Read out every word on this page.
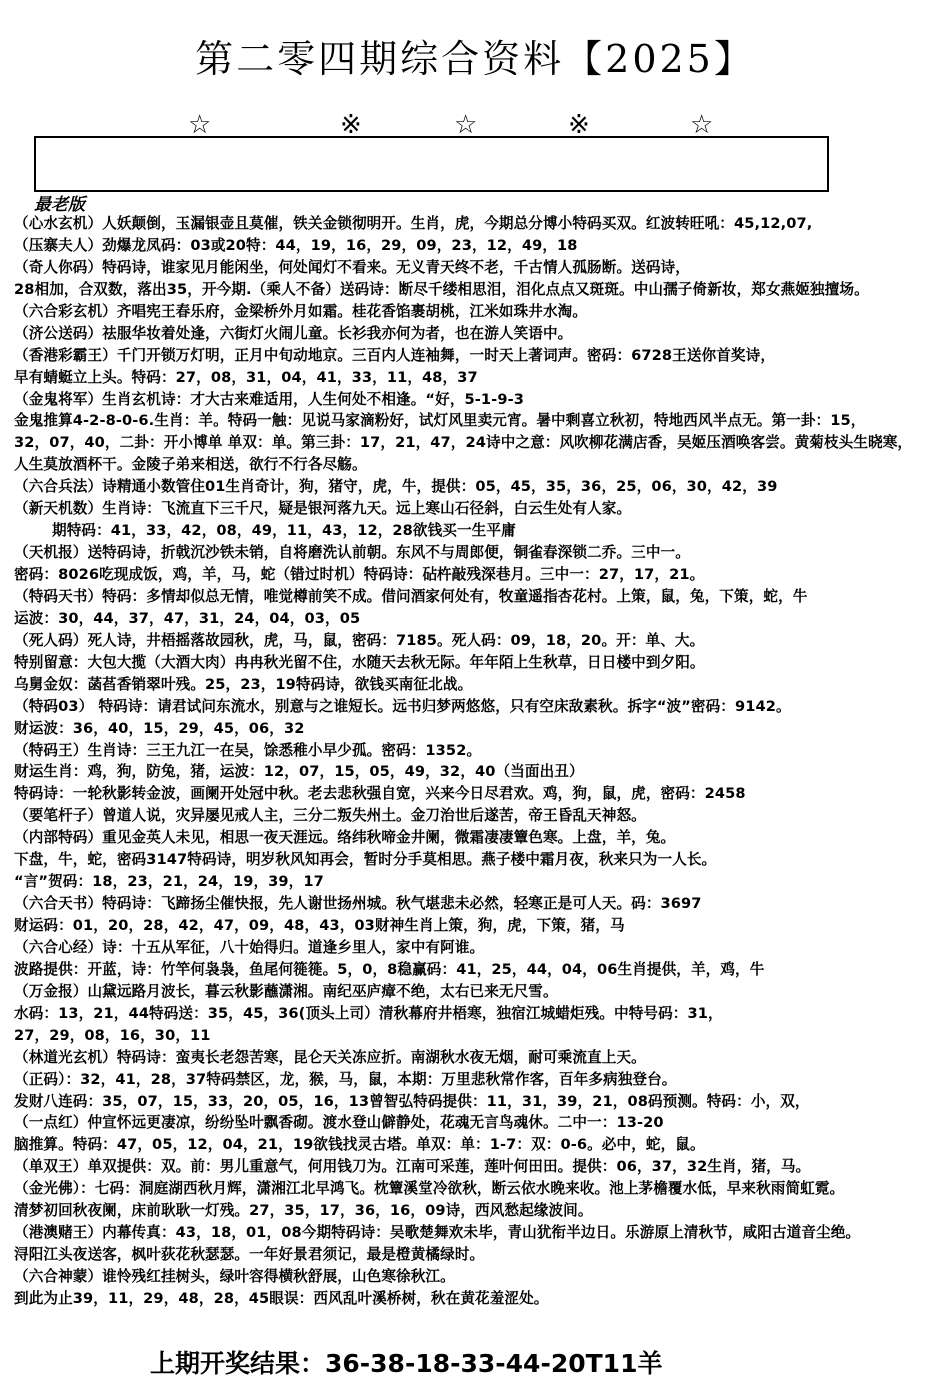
第二零四期综合资料【2025】
☆	※	☆	※	☆
最老版
（心水玄机）人妖颠倒，玉漏银壶且莫催，铁关金锁彻明开。生肖，虎，今期总分博小特码买双。红波转旺吼：45,12,07,
（压寨夫人）劲爆龙凤码：03或20特：44，19，16，29，09，23，12，49，18
（奇人你码）特码诗，谁家见月能闲坐，何处闻灯不看来。无义青天终不老，千古情人孤肠断。送码诗，
28相加，合双数，落出35，开今期.（乘人不备）送码诗：断尽千缕相思泪，泪化点点又斑斑。中山孺子倚新妆，郑女燕姬独擅场。
（六合彩玄机）齐唱宪王春乐府，金梁桥外月如霜。桂花香馅裹胡桃，江米如珠井水淘。
（济公送码）祛服华妆着处逢，六街灯火闹儿童。长衫我亦何为者，也在游人笑语中。
（香港彩霸王）千门开锁万灯明，正月中旬动地京。三百内人连袖舞，一时天上著词声。密码：6728王送你首奖诗，
早有蜻蜓立上头。特码：27，08，31，04，41，33，11，48，37
（金鬼将军）生肖玄机诗：才大古来难适用，人生何处不相逢。“好，5-1-9-3
金鬼推算4-2-8-0-6.生肖：羊。特码一触：见说马家滴粉好，试灯风里卖元宵。暑中剩喜立秋初，特地西风半点无。第一卦：15，
32，07，40，二卦：开小博单 单双：单。第三卦：17，21，47，24诗中之意：风吹柳花满店香，吴姬压酒唤客尝。黄菊枝头生晓寒，
人生莫放酒杯干。金陵子弟来相送，欲行不行各尽觞。
（六合兵法）诗精通小数管住01生肖奇计，狗，猪守，虎，牛，提供：05，45，35，36，25，06，30，42，39
（新天机数）生肖诗：飞流直下三千尺，疑是银河落九天。远上寒山石径斜，白云生处有人家。
期特码：41，33，42，08，49，11，43，12，28欲钱买一生平庸
（天机报）送特码诗，折戟沉沙铁未销，自将磨洗认前朝。东风不与周郎便，铜雀春深锁二乔。三中一。
密码：8026吃现成饭，鸡，羊，马，蛇（错过时机）特码诗：砧杵敲残深巷月。三中一：27，17，21。
（特码天书）特码：多情却似总无情，唯觉樽前笑不成。借问酒家何处有，牧童遥指杏花村。上策，鼠，兔，下策，蛇，牛
运波：30，44，37，47，31，24，04，03，05
（死人码）死人诗，井梧摇落故园秋，虎，马，鼠，密码：7185。死人码：09，18，20。开：单、大。
特别留意：大包大揽（大酒大肉）冉冉秋光留不住，水随天去秋无际。年年陌上生秋草，日日楼中到夕阳。
乌舅金奴：菡萏香销翠叶残。25，23，19特码诗，欲钱买南征北战。
（特码03） 特码诗：请君试问东流水，别意与之谁短长。远书归梦两悠悠，只有空床敌素秋。拆字“波”密码：9142。
财运波：36，40，15，29，45，06，32
（特码王）生肖诗：三王九江一在吴，馀悉稚小早少孤。密码：1352。
财运生肖：鸡，狗，防兔，猪，运波：12，07，15，05，49，32，40（当面出丑）
特码诗：一轮秋影转金波，画阑开处冠中秋。老去悲秋强自宽，兴来今日尽君欢。鸡，狗，鼠，虎，密码：2458
（要笔杆子）曾道人说，灾异屡见戒人主，三分二叛失州土。金刀治世后遂苦，帝王昏乱天神怒。
（内部特码）重见金英人未见，相思一夜天涯远。络纬秋啼金井阑，微霜凄凄簟色寒。上盘，羊，兔。
下盘，牛，蛇，密码3147特码诗，明岁秋风知再会，暂时分手莫相思。燕子楼中霜月夜，秋来只为一人长。
“言”贺码：18，23，21，24，19，39，17
（六合天书）特码诗：飞蹄扬尘催快报，先人谢世扬州城。秋气堪悲未必然，轻寒正是可人天。码：3697
财运码：01，20，28，42，47，09，48，43，03财神生肖上策，狗，虎，下策，猪，马
（六合心经）诗：十五从军征，八十始得归。道逢乡里人，家中有阿谁。
波路提供：开蓝，诗：竹竿何袅袅，鱼尾何簁簁。5，0，8稳赢码：41，25，44，04，06生肖提供，羊，鸡，牛
（万金报）山黛远路月波长，暮云秋影蘸潇湘。南纪巫庐瘴不绝，太右已来无尺雪。
水码：13，21，44特码送：35，45，36(顶头上司）清秋幕府井梧寒，独宿江城蜡炬残。中特号码：31，
27，29，08，16，30，11
（林道光玄机）特码诗：蛮夷长老怨苦寒，昆仑天关冻应折。南湖秋水夜无烟，耐可乘流直上天。
（正码）：32，41，28，37特码禁区，龙，猴，马，鼠，本期：万里悲秋常作客，百年多病独登台。
发财八连码：35，07，15，33，20，05，16，13曾智弘特码提供：11，31，39，21，08码预测。特码：小，双，
（一点红）仲宣怀远更凄凉，纷纷坠叶飘香砌。渡水登山僻静处，花魂无言鸟魂休。二中一：13-20
脑推算。特码：47，05，12，04，21，19欲钱找灵古塔。单双：单：1-7：双：0-6。必中，蛇，鼠。
（单双王）单双提供：双。前：男儿重意气，何用钱刀为。江南可采莲，莲叶何田田。提供：06，37，32生肖，猪，马。
（金光佛）：七码：洞庭湖西秋月辉，潇湘江北早鸿飞。枕簟溪堂冷欲秋，断云依水晚来收。池上茅檐覆水低，早来秋雨简虹霓。
清梦初回秋夜阑，床前耿耿一灯残。27，35，17，36，16，09诗，西风愁起缘波间。
（港澳赌王）内幕传真：43，18，01，08今期特码诗：吴歌楚舞欢未毕，青山犹衔半边日。乐游原上清秋节，咸阳古道音尘绝。
浔阳江头夜送客，枫叶荻花秋瑟瑟。一年好景君须记，最是橙黄橘绿时。
（六合神蒙）谁怜残红挂树头，绿叶容得横秋舒展，山色寒徐秋江。
到此为止39，11，29，48，28，45眼误：西风乱叶溪桥树，秋在黄花羞涩处。
上期开奖结果：36-38-18-33-44-20T11羊
